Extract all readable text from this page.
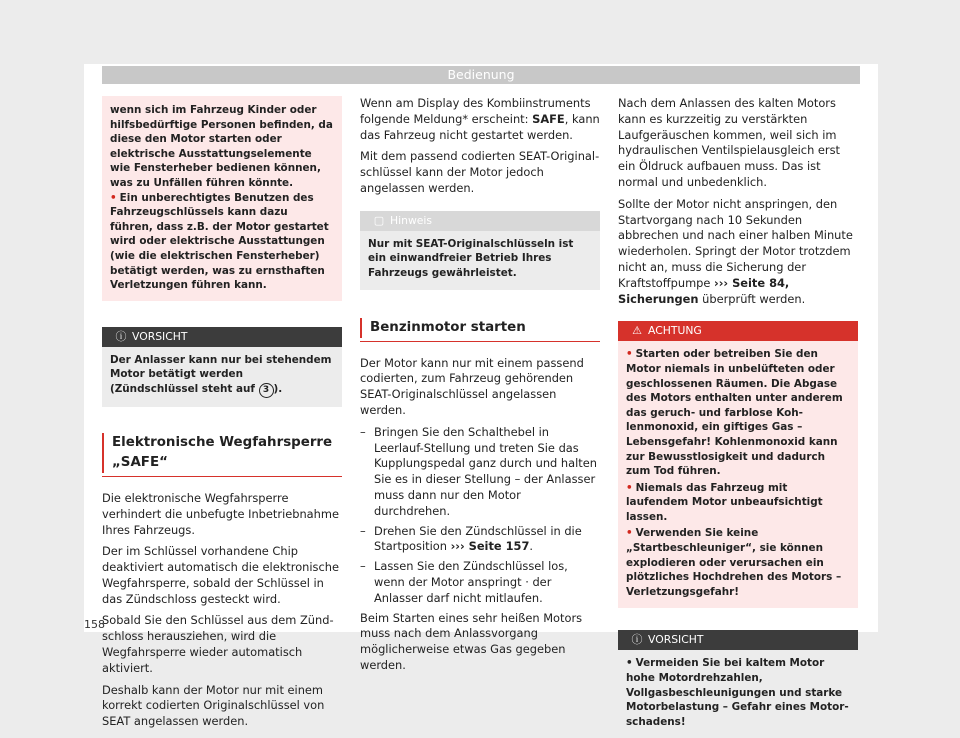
Bedienung

wenn sich im Fahrzeug Kinder oder hilfsbedürftige Personen befinden, da diese den Motor starten oder elektrische Ausstattungselemente wie Fensterheber bedienen können, was zu Unfällen führen könnte.

• Ein unberechtigtes Benutzen des Fahrzeugschlüssels kann dazu führen, dass z.B. der Motor gestartet wird oder elektrische Ausstattungen (wie die elektrischen Fensterheber) betätigt werden, was zu ernsthaften Verletzungen führen kann.

ⓘ VORSICHT

Der Anlasser kann nur bei stehendem Motor betätigt werden (Zündschlüssel steht auf 3 ).

Elektronische Wegfahrsperre „SAFE“

Die elektronische Wegfahrsperre verhindert die unbefugte Inbetriebnahme Ihres Fahrzeugs.

Der im Schlüssel vorhandene Chip deaktiviert automatisch die elektronische Wegfahrsperre, sobald der Schlüssel in das Zündschloss gesteckt wird.

Sobald Sie den Schlüssel aus dem Zündschloss herausziehen, wird die Wegfahrsperre wieder automatisch aktiviert.

Deshalb kann der Motor nur mit einem korrekt codierten Originalschlüssel von SEAT angelassen werden.

Wenn am Display des Kombiinstruments folgende Meldung* erscheint: SAFE, kann das Fahrzeug nicht gestartet werden.

Mit dem passend codierten SEAT-Originalschlüssel kann der Motor jedoch angelassen werden.

▢ Hinweis

Nur mit SEAT-Originalschlüsseln ist ein einwandfreier Betrieb Ihres Fahrzeugs gewährleistet.

Benzinmotor starten

Der Motor kann nur mit einem passend codierten, zum Fahrzeug gehörenden SEAT-Originalschlüssel angelassen werden.

– Bringen Sie den Schalthebel in Leerlauf-Stellung und treten Sie das Kupplungspedal ganz durch und halten Sie es in dieser Stellung – der Anlasser muss dann nur den Motor durchdrehen.
– Drehen Sie den Zündschlüssel in die Startposition ››› Seite 157.
– Lassen Sie den Zündschlüssel los, wenn der Motor anspringt · der Anlasser darf nicht mitlaufen.

Beim Starten eines sehr heißen Motors muss nach dem Anlassvorgang möglicherweise etwas Gas gegeben werden.

Nach dem Anlassen des kalten Motors kann es kurzzeitig zu verstärkten Laufgeräuschen kommen, weil sich im hydraulischen Ventilspielausgleich erst ein Öldruck aufbauen muss. Das ist normal und unbedenklich.

Sollte der Motor nicht anspringen, den Startvorgang nach 10 Sekunden abbrechen und nach einer halben Minute wiederholen. Springt der Motor trotzdem nicht an, muss die Sicherung der Kraftstoffpumpe ››› Seite 84, Sicherungen überprüft werden.

⚠ ACHTUNG

• Starten oder betreiben Sie den Motor niemals in unbelüfteten oder geschlossenen Räumen. Die Abgase des Motors enthalten unter anderem das geruch- und farblose Kohlenmonoxid, ein giftiges Gas – Lebensgefahr! Kohlenmonoxid kann zur Bewusstlosigkeit und dadurch zum Tod führen.

• Niemals das Fahrzeug mit laufendem Motor unbeaufsichtigt lassen.

• Verwenden Sie keine „Startbeschleuniger“, sie können explodieren oder verursachen ein plötzliches Hochdrehen des Motors – Verletzungsgefahr!

ⓘ VORSICHT

• Vermeiden Sie bei kaltem Motor hohe Motordrehzahlen, Vollgasbeschleunigungen und starke Motorbelastung – Gefahr eines Motorschadens!

158
